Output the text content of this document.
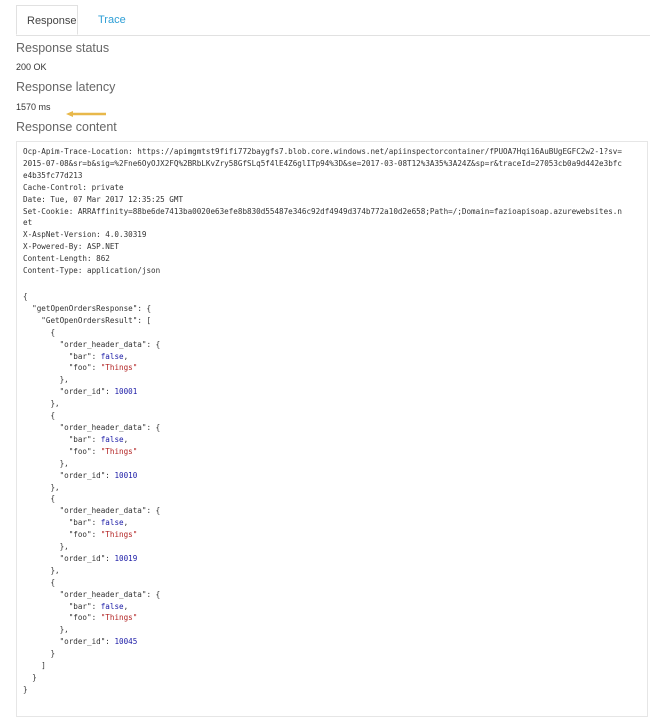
Response	Trace
Response status
200 OK
Response latency
1570 ms
Response content
Ocp-Apim-Trace-Location: https://apimgmtst9fifi772baygfs7.blob.core.windows.net/apiinspectorcontainer/fPUOA7Hqi16AuBUgEGFC2w2-1?sv=
2015-07-08&sr=b&sig=%2Fne6OyOJX2FQ%2BRbLKvZry58GfSLq5f4lE4Z6glITp94%3D&se=2017-03-08T12%3A35%3A24Z&sp=r&traceId=27053cb0a9d442e3bfc
e4b35fc77d213
Cache-Control: private
Date: Tue, 07 Mar 2017 12:35:25 GMT
Set-Cookie: ARRAffinity=88be6de7413ba0020e63efe8b830d55487e346c92df4949d374b772a10d2e658;Path=/;Domain=fazioapisoap.azurewebsites.n
et
X-AspNet-Version: 4.0.30319
X-Powered-By: ASP.NET
Content-Length: 862
Content-Type: application/json

{
"getOpenOrdersResponse": {
"GetOpenOrdersResult": [
{
"order_header_data": {
"bar": false,
"foo": "Things"
},
"order_id": 10001
},
{
"order_header_data": {
"bar": false,
"foo": "Things"
},
"order_id": 10010
},
{
"order_header_data": {
"bar": false,
"foo": "Things"
},
"order_id": 10019
},
{
"order_header_data": {
"bar": false,
"foo": "Things"
},
"order_id": 10045
}
]
}
}
